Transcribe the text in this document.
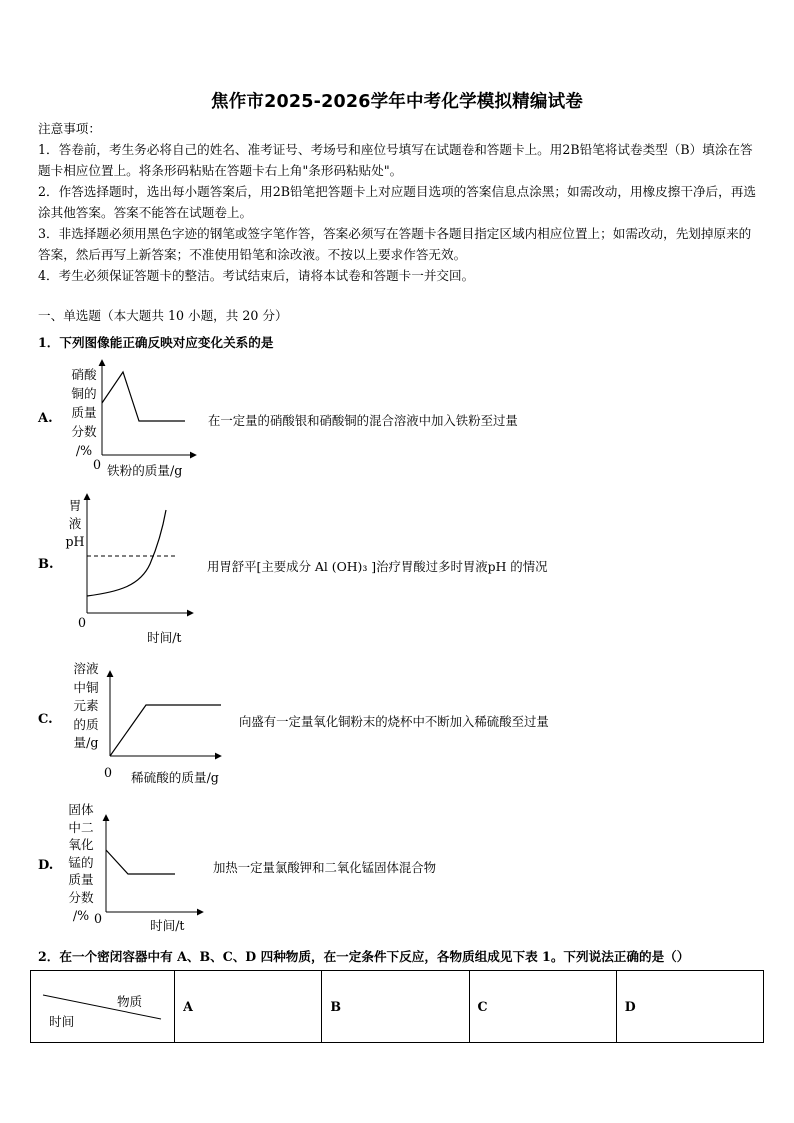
焦作市2025-2026学年中考化学模拟精编试卷

注意事项：

1．答卷前，考生务必将自己的姓名、准考证号、考场号和座位号填写在试题卷和答题卡上。用2B铅笔将试卷类型（B）填涂在答题卡相应位置上。将条形码粘贴在答题卡右上角"条形码粘贴处"。

2．作答选择题时，选出每小题答案后，用2B铅笔把答题卡上对应题目选项的答案信息点涂黑；如需改动，用橡皮擦干净后，再选涂其他答案。答案不能答在试题卷上。

3．非选择题必须用黑色字迹的钢笔或签字笔作答，答案必须写在答题卡各题目指定区域内相应位置上；如需改动，先划掉原来的答案，然后再写上新答案；不准使用铅笔和涂改液。不按以上要求作答无效。

4．考生必须保证答题卡的整洁。考试结束后，请将本试卷和答题卡一并交回。

一、单选题（本大题共 10 小题，共 20 分）
1．下列图像能正确反映对应变化关系的是
A.
硝酸
铜的
质量
分数
/%
0 铁粉的质量/g
在一定量的硝酸银和硝酸铜的混合溶液中加入铁粉至过量
B.
胃
液
pH
0
时间/t
用胃舒平[主要成分 Al (OH)₃ ]治疗胃酸过多时胃液pH 的情况
C.
溶液
中铜
元素
的质
量/g
0 稀硫酸的质量/g
向盛有一定量氧化铜粉末的烧杯中不断加入稀硫酸至过量
D.
固体
中二
氧化
锰的
质量
分数
/% 0	时间/t
加热一定量氯酸钾和二氧化锰固体混合物
2．在一个密闭容器中有 A、B、C、D 四种物质，在一定条件下反应，各物质组成见下表 1。下列说法正确的是（）
物质
时间
	A	B	C	D
